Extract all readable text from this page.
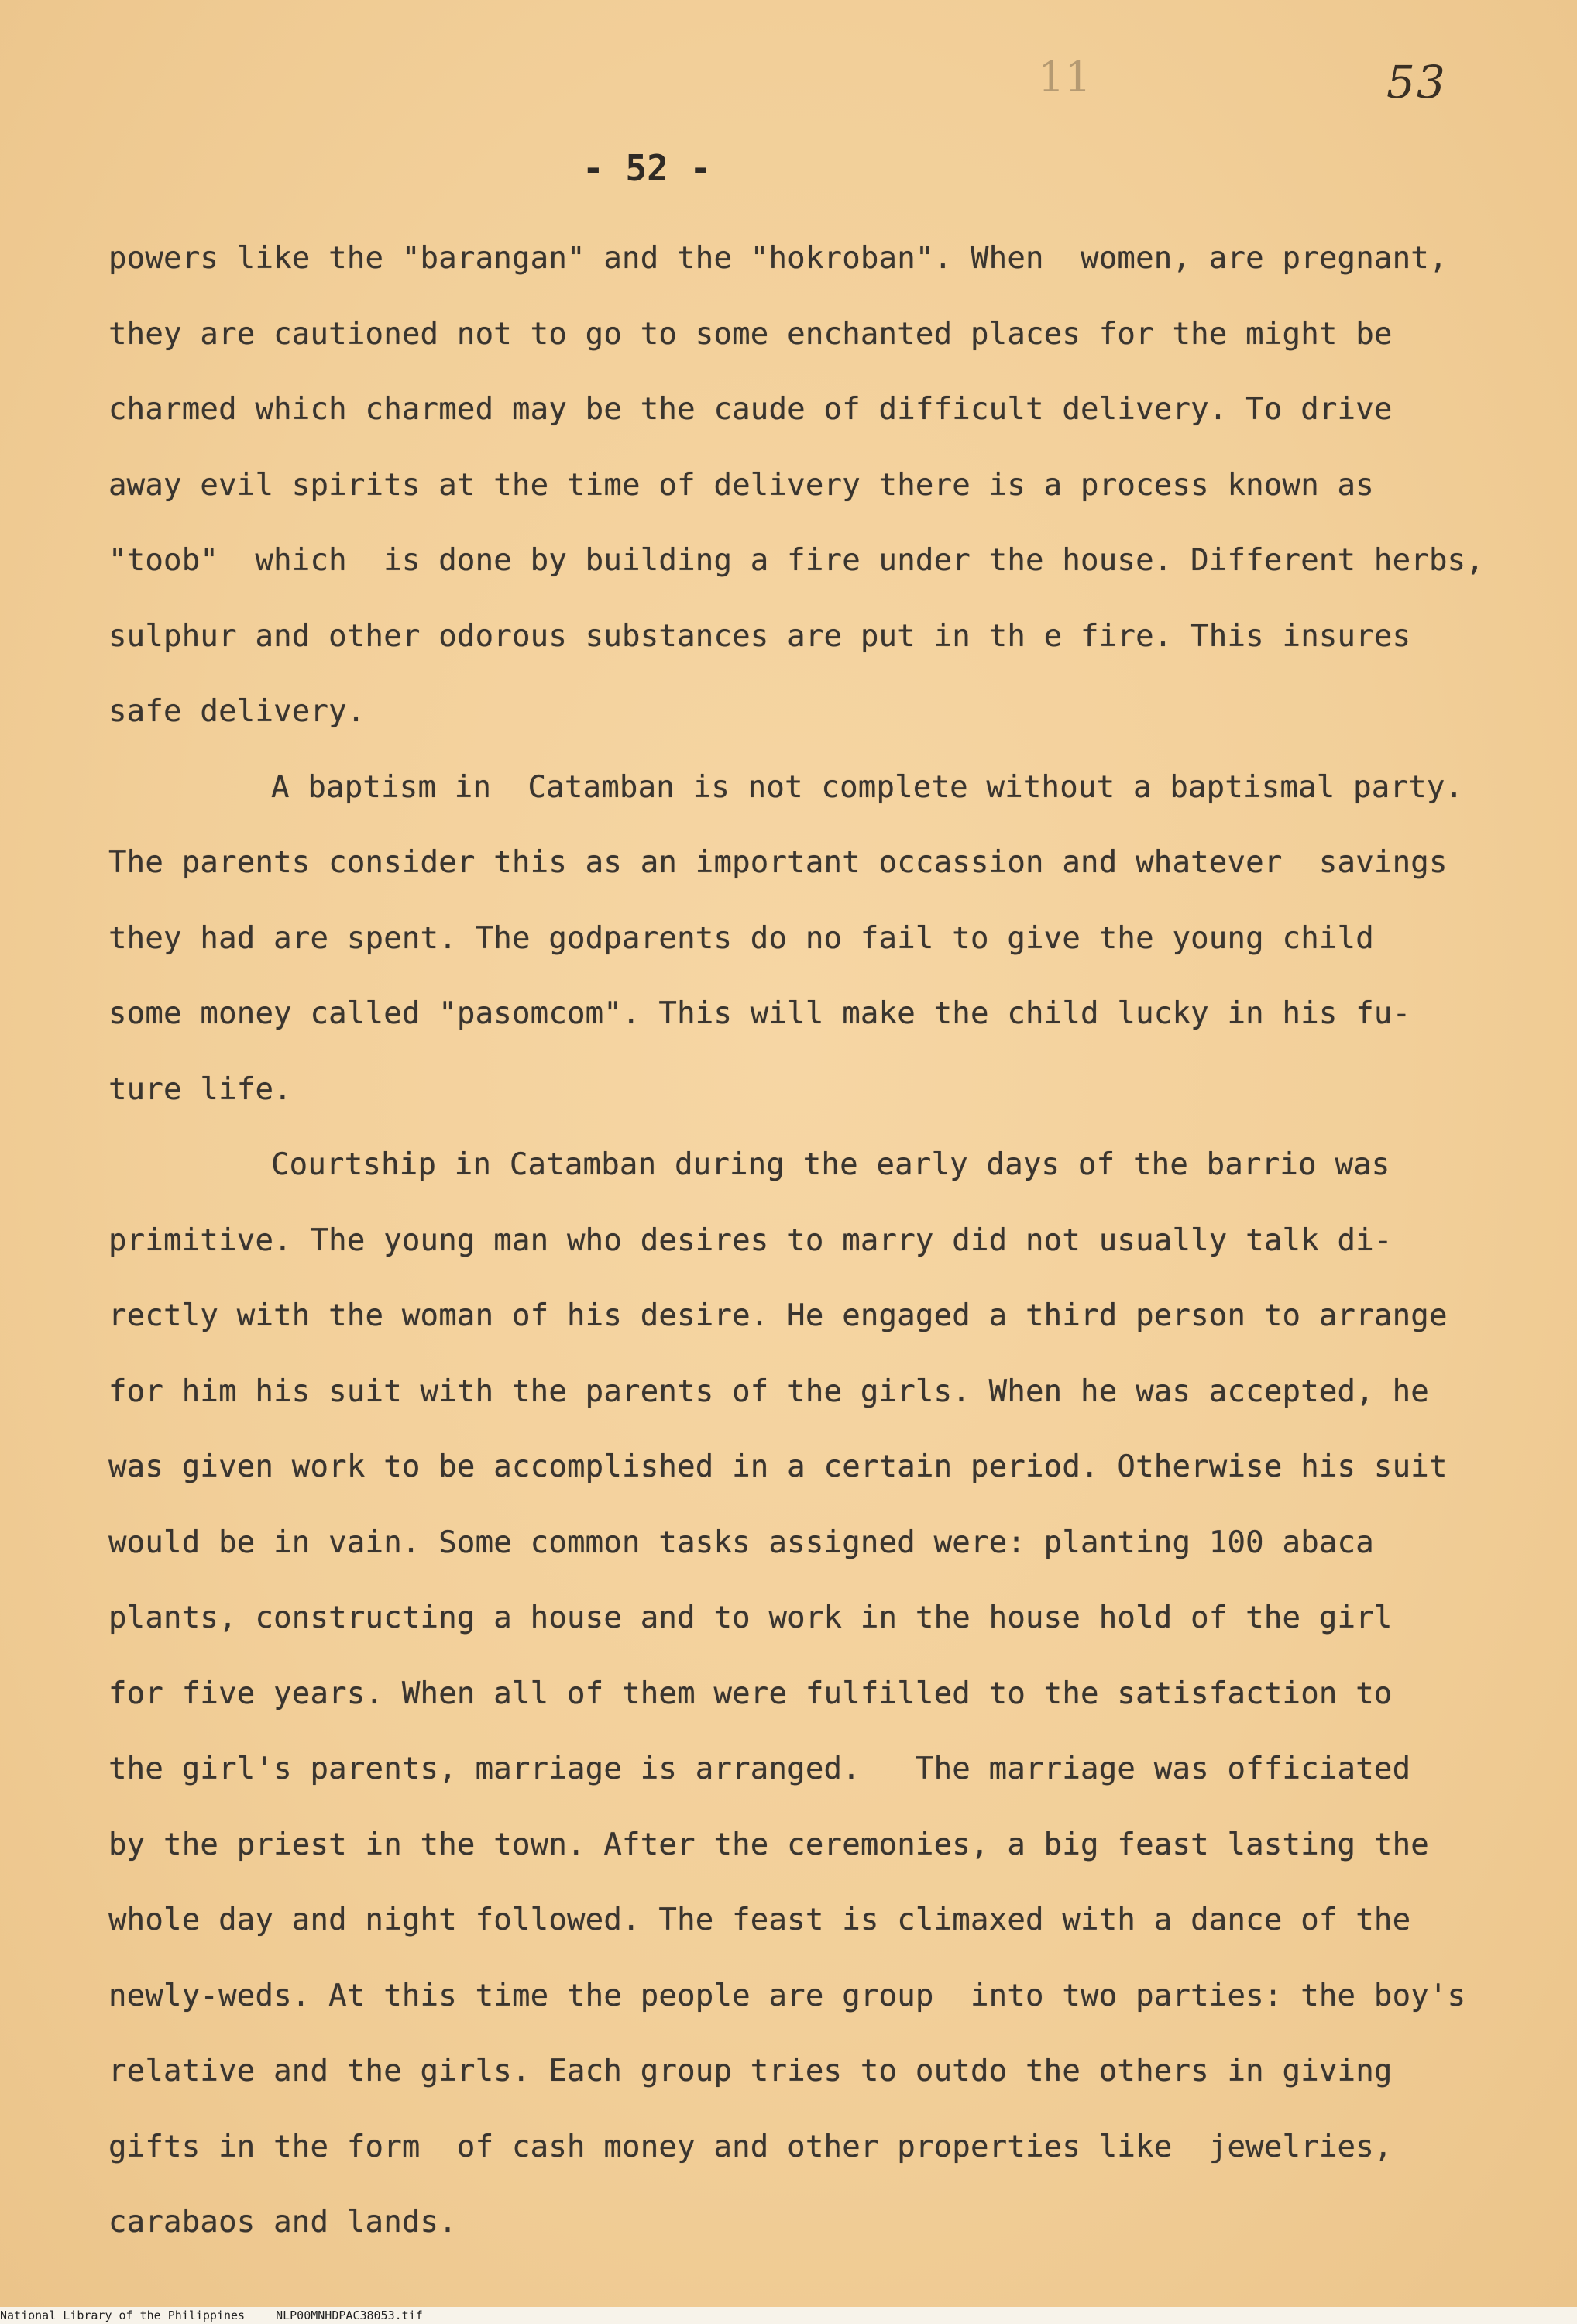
53
11
- 52 -
powers like the "barangan" and the "hokroban". When  women, are pregnant,
they are cautioned not to go to some enchanted places for the might be
charmed which charmed may be the caude of difficult delivery. To drive
away evil spirits at the time of delivery there is a process known as
"toob"  which  is done by building a fire under the house. Different herbs,
sulphur and other odorous substances are put in th e fire. This insures
safe delivery.
A baptism in  Catamban is not complete without a baptismal party.
The parents consider this as an important occassion and whatever  savings
they had are spent. The godparents do no fail to give the young child
some money called "pasomcom". This will make the child lucky in his fu-
ture life.
Courtship in Catamban during the early days of the barrio was
primitive. The young man who desires to marry did not usually talk di-
rectly with the woman of his desire. He engaged a third person to arrange
for him his suit with the parents of the girls. When he was accepted, he
was given work to be accomplished in a certain period. Otherwise his suit
would be in vain. Some common tasks assigned were: planting 100 abaca
plants, constructing a house and to work in the house hold of the girl
for five years. When all of them were fulfilled to the satisfaction to
the girl's parents, marriage is arranged.   The marriage was officiated
by the priest in the town. After the ceremonies, a big feast lasting the
whole day and night followed. The feast is climaxed with a dance of the
newly-weds. At this time the people are group  into two parties: the boy's
relative and the girls. Each group tries to outdo the others in giving
gifts in the form  of cash money and other properties like  jewelries,
carabaos and lands.
National Library of the Philippines	NLP00MNHDPAC38053.tif
